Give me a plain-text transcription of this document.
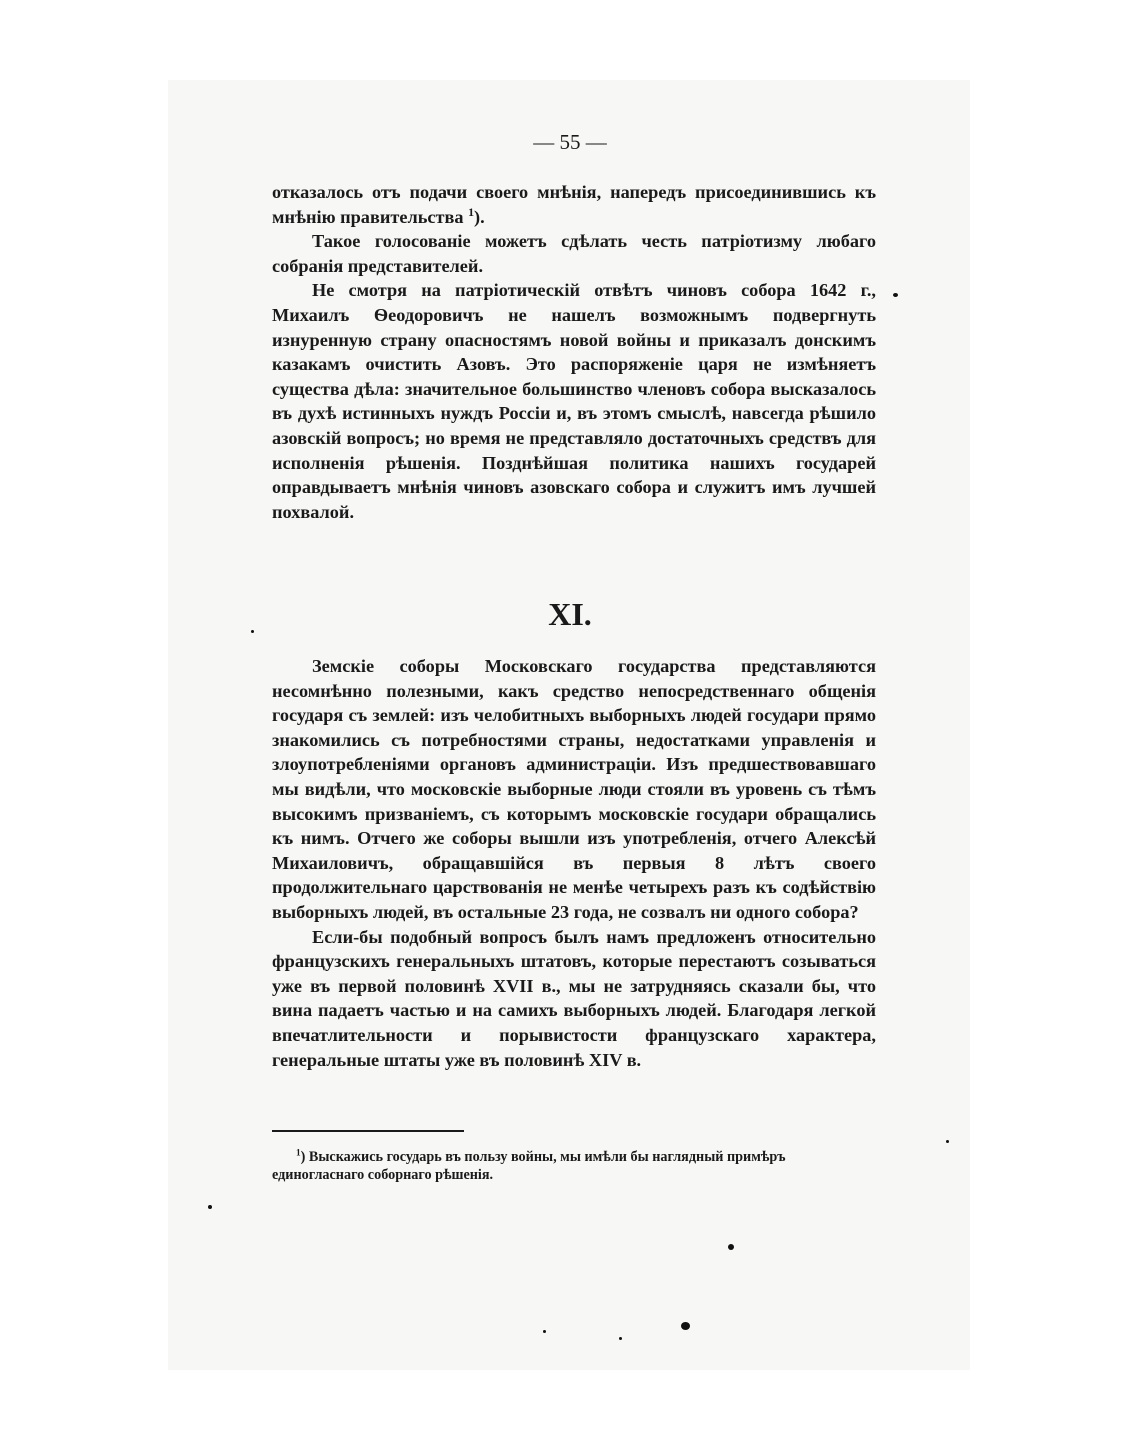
— 55 —

отказалось отъ подачи своего мнѣнія, напередъ присоединившись къ мнѣнію правительства $^1$).

Такое голосованіе можетъ сдѣлать честь патріотизму любаго собранія представителей.

Не смотря на патріотическій отвѣтъ чиновъ собора 1642 г., Михаилъ Ѳеодоровичъ не нашелъ возможнымъ подвергнуть изнуренную страну опасностямъ новой войны и приказалъ донскимъ казакамъ очистить Азовъ. Это распоряженіе царя не измѣняетъ существа дѣла: значительное большинство членовъ собора высказалось въ духѣ истинныхъ нуждъ Россіи и, въ этомъ смыслѣ, навсегда рѣшило азовскій вопросъ; но время не представляло достаточныхъ средствъ для исполненія рѣшенія. Позднѣйшая политика нашихъ государей оправдываетъ мнѣнія чиновъ азовскаго собора и служитъ имъ лучшей похвалой.

XI.

Земскіе соборы Московскаго государства представляются несомнѣнно полезными, какъ средство непосредственнаго общенія государя съ землей: изъ челобитныхъ выборныхъ людей государи прямо знакомились съ потребностями страны, недостатками управленія и злоупотребленіями органовъ администраціи. Изъ предшествовавшаго мы видѣли, что московскіе выборные люди стояли въ уровень съ тѣмъ высокимъ призваніемъ, съ которымъ московскіе государи обращались къ нимъ. Отчего же соборы вышли изъ употребленія, отчего Алексѣй Михаиловичъ, обращавшійся въ первыя 8 лѣтъ своего продолжительнаго царствованія не менѣе четырехъ разъ къ содѣйствію выборныхъ людей, въ остальные 23 года, не созвалъ ни одного собора?

Если-бы подобный вопросъ былъ намъ предложенъ относительно французскихъ генеральныхъ штатовъ, которые перестаютъ созываться уже въ первой половинѣ XVII в., мы не затрудняясь сказали бы, что вина падаетъ частью и на самихъ выборныхъ людей. Благодаря легкой впечатлительности и порывистости французскаго характера, генеральные штаты уже въ половинѣ XIV в.

$^1$) Выскажись государь въ пользу войны, мы имѣли бы наглядный примѣръ единогласнаго соборнаго рѣшенія.
